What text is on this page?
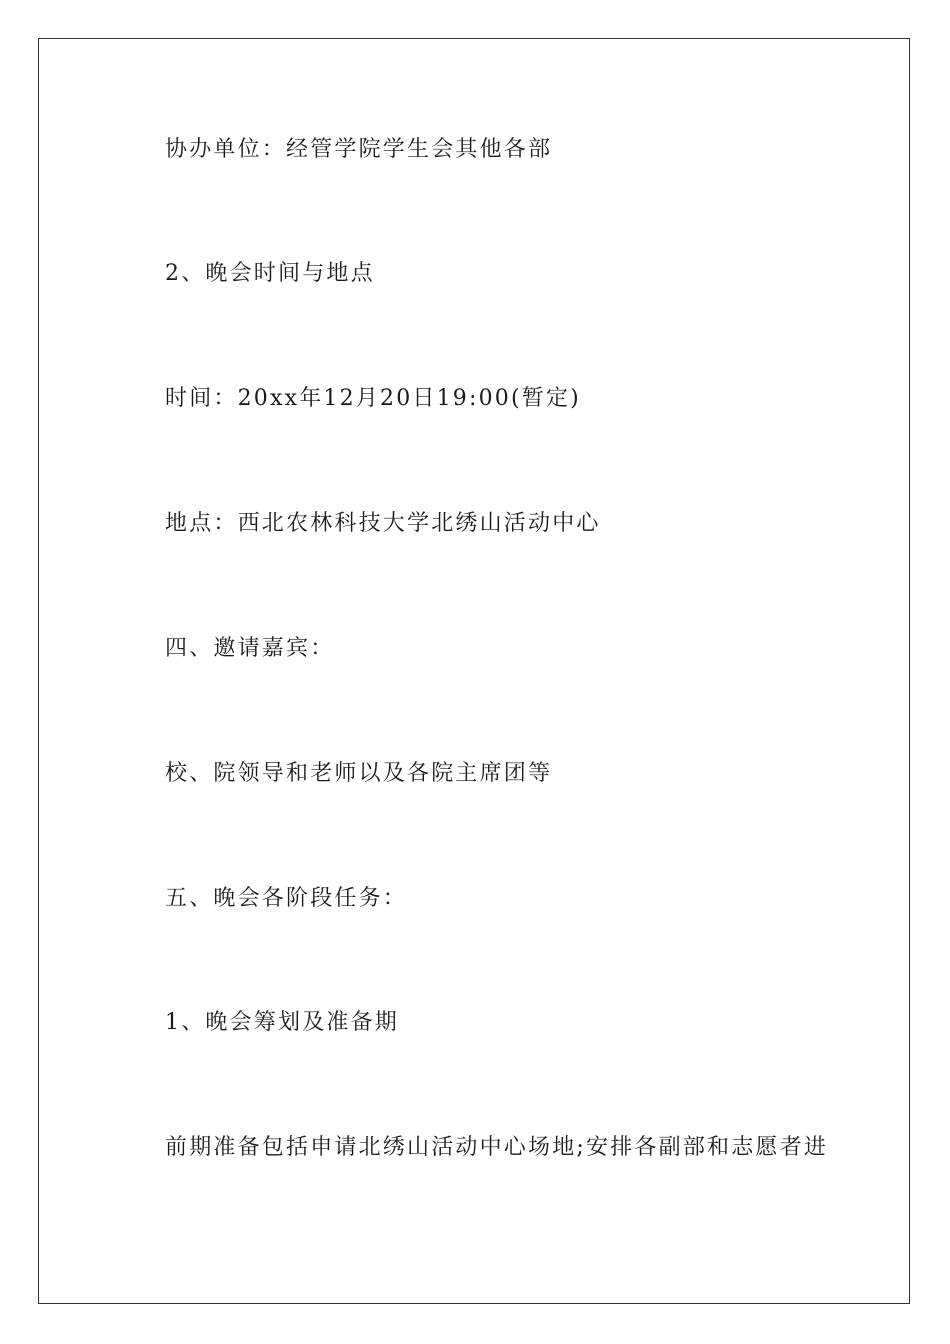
协办单位：经管学院学生会其他各部

2、晚会时间与地点

时间：20xx年12月20日19:00(暂定)

地点：西北农林科技大学北绣山活动中心

四、邀请嘉宾：

校、院领导和老师以及各院主席团等

五、晚会各阶段任务：

1、晚会筹划及准备期

前期准备包括申请北绣山活动中心场地;安排各副部和志愿者进
